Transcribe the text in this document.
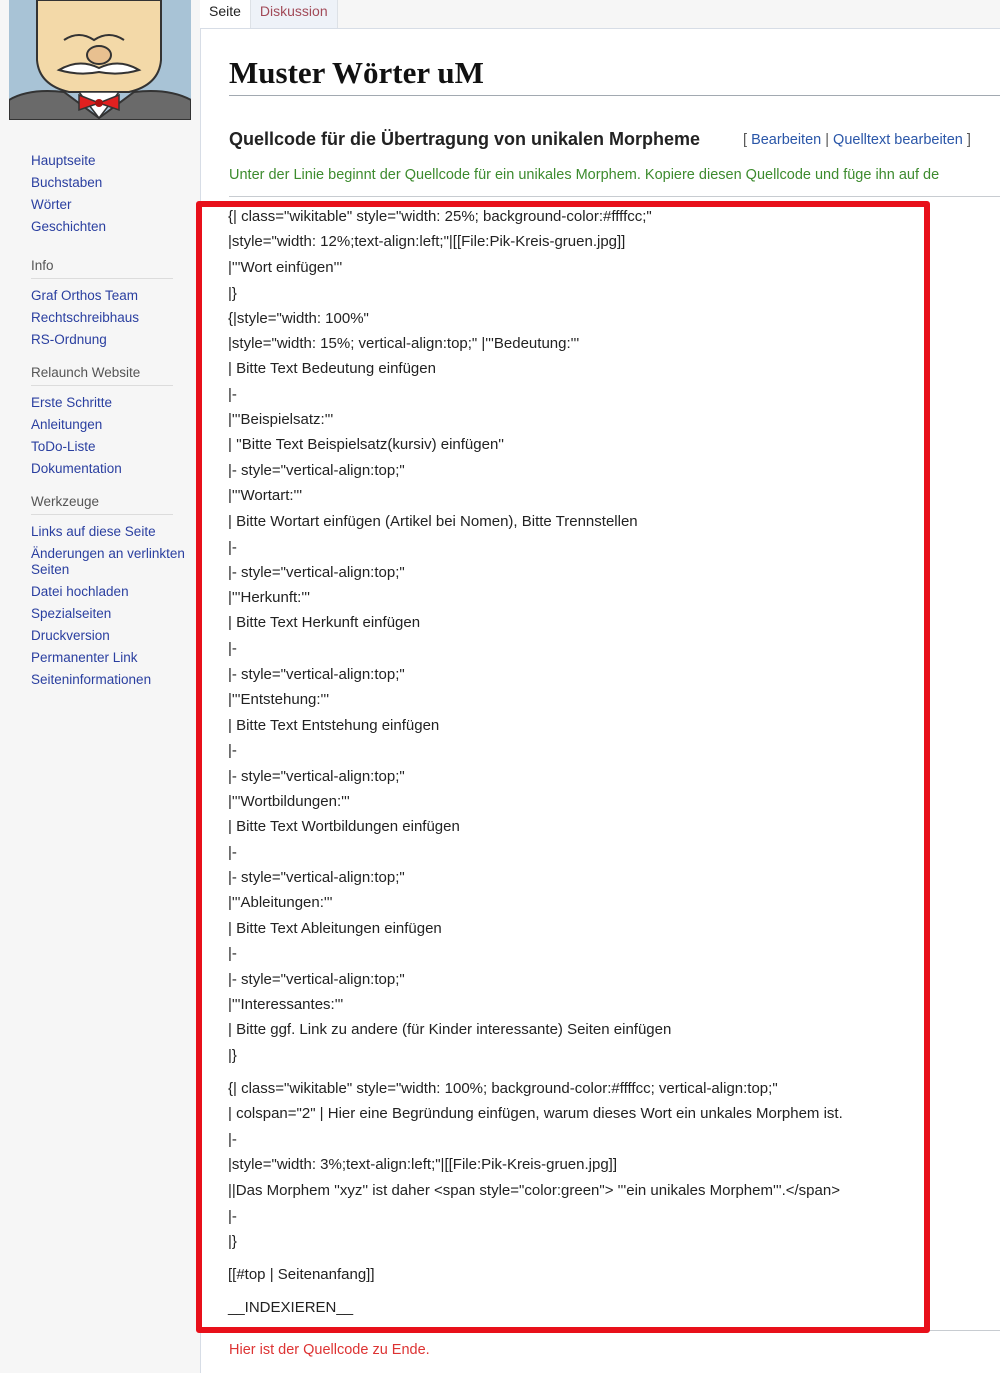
Hauptseite
Buchstaben
Wörter
Geschichten
Info
Graf Orthos Team
Rechtschreibhaus
RS-Ordnung
Relaunch Website
Erste Schritte
Anleitungen
ToDo-Liste
Dokumentation
Werkzeuge
Links auf diese Seite
Änderungen an verlinkten Seiten
Datei hochladen
Spezialseiten
Druckversion
Permanenter Link
Seiteninformationen
Seite	Diskussion
Muster Wörter uM
Quellcode für die Übertragung von unikalen Morpheme	[ Bearbeiten | Quelltext bearbeiten ]

Unter der Linie beginnt der Quellcode für ein unikales Morphem. Kopiere diesen Quellcode und füge ihn auf de

Hier ist der Quellcode zu Ende.

{| class="wikitable" style="width: 25%; background-color:#ffffcc;"
|style="width: 12%;text-align:left;"|[[File:Pik-Kreis-gruen.jpg]]
|'''Wort einfügen'''
|}
{|style="width: 100%"
|style="width: 15%; vertical-align:top;" |'''Bedeutung:'''
| Bitte Text Bedeutung einfügen
|-
|'''Beispielsatz:'''
| ''Bitte Text Beispielsatz(kursiv) einfügen''
|- style="vertical-align:top;"
|'''Wortart:'''
| Bitte Wortart einfügen (Artikel bei Nomen), Bitte Trennstellen
|-
|- style="vertical-align:top;"
|'''Herkunft:'''
| Bitte Text Herkunft einfügen
|-
|- style="vertical-align:top;"
|'''Entstehung:'''
| Bitte Text Entstehung einfügen
|-
|- style="vertical-align:top;"
|'''Wortbildungen:'''
| Bitte Text Wortbildungen einfügen
|-
|- style="vertical-align:top;"
|'''Ableitungen:'''
| Bitte Text Ableitungen einfügen
|-
|- style="vertical-align:top;"
|'''Interessantes:'''
| Bitte ggf. Link zu andere (für Kinder interessante) Seiten einfügen
|}
{| class="wikitable" style="width: 100%; background-color:#ffffcc; vertical-align:top;"
| colspan="2" | Hier eine Begründung einfügen, warum dieses Wort ein unkales Morphem ist.
|-
|style="width: 3%;text-align:left;"|[[File:Pik-Kreis-gruen.jpg]]
||Das Morphem ''xyz'' ist daher <span style="color:green"> '''ein unikales Morphem'''.</span>
|-
|}
[[#top | Seitenanfang]]
__INDEXIEREN__
